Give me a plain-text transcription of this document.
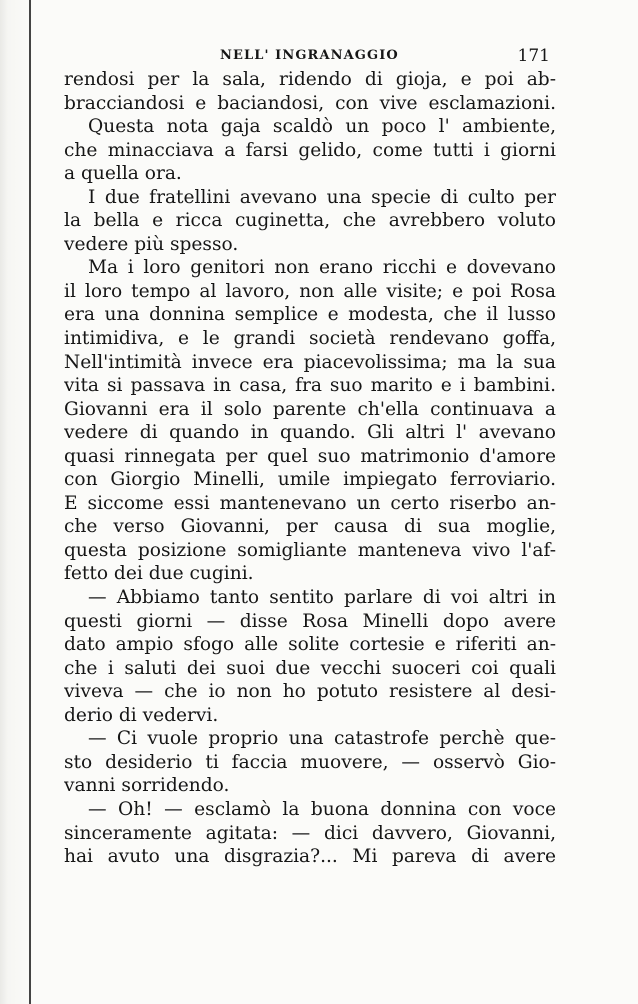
NELL' INGRANAGGIO	171
rendosi per la sala, ridendo di gioja, e poi ab-
bracciandosi e baciandosi, con vive esclamazioni.
Questa nota gaja scaldò un poco l' ambiente,
che minacciava a farsi gelido, come tutti i giorni
a quella ora.
I due fratellini avevano una specie di culto per
la bella e ricca cuginetta, che avrebbero voluto
vedere più spesso.
Ma i loro genitori non erano ricchi e dovevano
il loro tempo al lavoro, non alle visite; e poi Rosa
era una donnina semplice e modesta, che il lusso
intimidiva, e le grandi società rendevano goffa,
Nell'intimità invece era piacevolissima; ma la sua
vita si passava in casa, fra suo marito e i bambini.
Giovanni era il solo parente ch'ella continuava a
vedere di quando in quando. Gli altri l' avevano
quasi rinnegata per quel suo matrimonio d'amore
con Giorgio Minelli, umile impiegato ferroviario.
E siccome essi mantenevano un certo riserbo an-
che verso Giovanni, per causa di sua moglie,
questa posizione somigliante manteneva vivo l'af-
fetto dei due cugini.
— Abbiamo tanto sentito parlare di voi altri in
questi giorni — disse Rosa Minelli dopo avere
dato ampio sfogo alle solite cortesie e riferiti an-
che i saluti dei suoi due vecchi suoceri coi quali
viveva — che io non ho potuto resistere al desi-
derio di vedervi.
— Ci vuole proprio una catastrofe perchè que-
sto desiderio ti faccia muovere, — osservò Gio-
vanni sorridendo.
— Oh! — esclamò la buona donnina con voce
sinceramente agitata: — dici davvero, Giovanni,
hai avuto una disgrazia?... Mi pareva di avere
